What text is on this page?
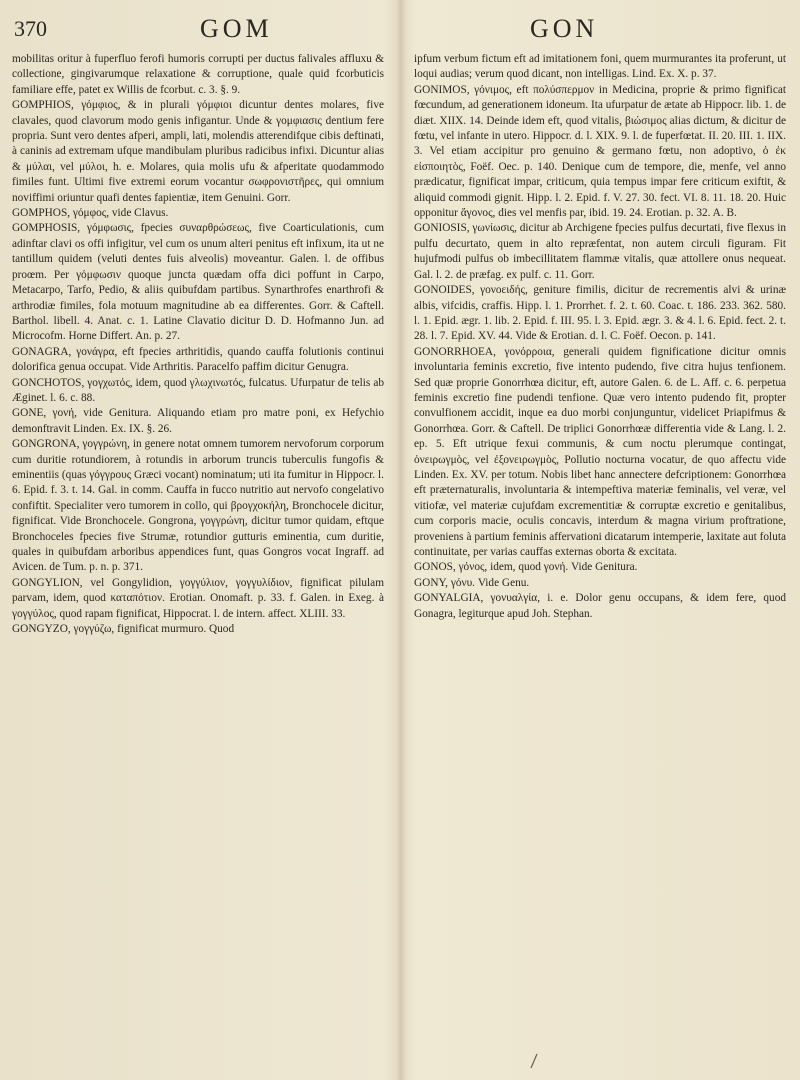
370	GOM	GON

mobilitas oritur à fuperfluo ferofi humoris corrupti per ductus falivales affluxu & collectione, gingivarumque relaxatione & corruptione, quale quid fcorbuticis familiare effe, patet ex Willis de fcorbut. c. 3. §. 9.

GOMPHIOS, γόμφιος, & in plurali γόμφιοι dicuntur dentes molares, five clavales, quod clavorum modo genis infigantur. Unde & γομφιασις dentium fere propria. Sunt vero dentes afperi, ampli, lati, molendis atterendifque cibis deftinati, à caninis ad extremam ufque mandibulam pluribus radicibus infixi. Dicuntur alias & μύλαι, vel μύλοι, h. e. Molares, quia molis ufu & afperitate quodammodo fimiles funt. Ultimi five extremi eorum vocantur σωφρονιστῆρες, qui omnium noviffimi oriuntur quafi dentes fapientiæ, item Genuini. Gorr.

GOMPHOS, γόμφος, vide Clavus.

GOMPHOSIS, γόμφωσις, fpecies συναρθρώσεως, five Coarticulationis, cum adinftar clavi os offi infigitur, vel cum os unum alteri penitus eft infixum, ita ut ne tantillum quidem (veluti dentes fuis alveolis) moveantur. Galen. l. de offibus proœm. Per γόμφωσιν quoque juncta quædam offa dici poffunt in Carpo, Metacarpo, Tarfo, Pedio, & aliis quibufdam partibus. Synarthrofes enarthrofi & arthrodiæ fimiles, fola motuum magnitudine ab ea differentes. Gorr. & Caftell. Barthol. libell. 4. Anat. c. 1. Latine Clavatio dicitur D. D. Hofmanno Jun. ad Microcofm. Horne Differt. An. p. 27.

GONAGRA, γονάγρα, eft fpecies arthritidis, quando cauffa folutionis continui dolorifica genua occupat. Vide Arthritis. Paracelfo paffim dicitur Genugra.

GONCHOTOS, γογχωτός, idem, quod γλωχινωτός, fulcatus. Ufurpatur de telis ab Æginet. l. 6. c. 88.

GONE, γονή, vide Genitura. Aliquando etiam pro matre poni, ex Hefychio demonftravit Linden. Ex. IX. §. 26.

GONGRONA, γογγρώνη, in genere notat omnem tumorem nervoforum corporum cum duritie rotundiorem, à rotundis in arborum truncis tuberculis fungofis & eminentiis (quas γόγγρους Græci vocant) nominatum; uti ita fumitur in Hippocr. l. 6. Epid. f. 3. t. 14. Gal. in comm. Cauffa in fucco nutritio aut nervofo congelativo confiftit. Specialiter vero tumorem in collo, qui βρογχοκήλη, Bronchocele dicitur, fignificat. Vide Bronchocele. Gongrona, γογγρώνη, dicitur tumor quidam, eftque Bronchoceles fpecies five Strumæ, rotundior gutturis eminentia, cum duritie, quales in quibufdam arboribus appendices funt, quas Gongros vocat Ingraff. ad Avicen. de Tum. p. n. p. 371.

GONGYLION, vel Gongylidion, γογγύλιον, γογγυλίδιον, fignificat pilulam parvam, idem, quod καταπότιον. Erotian. Onomaft. p. 33. f. Galen. in Exeg. à γογγύλος, quod rapam fignificat, Hippocrat. l. de intern. affect. XLIII. 33.

GONGYZO, γογγύζω, fignificat murmuro. Quod

ipfum verbum fictum eft ad imitationem foni, quem murmurantes ita proferunt, ut loqui audias; verum quod dicant, non intelligas. Lind. Ex. X. p. 37.

GONIMOS, γόνιμος, eft πολύσπερμον in Medicina, proprie & primo fignificat fœcundum, ad generationem idoneum. Ita ufurpatur de ætate ab Hippocr. lib. 1. de diæt. XIIX. 14. Deinde idem eft, quod vitalis, βιώσιμος alias dictum, & dicitur de fœtu, vel infante in utero. Hippocr. d. l. XIX. 9. l. de fuperfœtat. II. 20. III. 1. IIX. 3. Vel etiam accipitur pro genuino & germano fœtu, non adoptivo, ὁ ἐκ εἰσποιητὸς, Foëf. Oec. p. 140. Denique cum de tempore, die, menfe, vel anno prædicatur, fignificat impar, criticum, quia tempus impar fere criticum exiftit, & aliquid commodi gignit. Hipp. l. 2. Epid. f. V. 27. 30. fect. VI. 8. 11. 18. 20. Huic opponitur ἄγονος, dies vel menfis par, ibid. 19. 24. Erotian. p. 32. A. B.

GONIOSIS, γωνίωσις, dicitur ab Archigene fpecies pulfus decurtati, five flexus in pulfu decurtato, quem in alto repræfentat, non autem circuli figuram. Fit hujufmodi pulfus ob imbecillitatem flammæ vitalis, quæ attollere onus nequeat. Gal. l. 2. de præfag. ex pulf. c. 11. Gorr.

GONOIDES, γονοειδής, geniture fimilis, dicitur de recrementis alvi & urinæ albis, vifcidis, craffis. Hipp. l. 1. Prorrhet. f. 2. t. 60. Coac. t. 186. 233. 362. 580. l. 1. Epid. ægr. 1. lib. 2. Epid. f. III. 95. l. 3. Epid. ægr. 3. & 4. l. 6. Epid. fect. 2. t. 28. l. 7. Epid. XV. 44. Vide & Erotian. d. l. C. Foëf. Oecon. p. 141.

GONORRHOEA, γονόρροια, generali quidem fignificatione dicitur omnis involuntaria feminis excretio, five intento pudendo, five citra hujus tenfionem. Sed quæ proprie Gonorrhœa dicitur, eft, autore Galen. 6. de L. Aff. c. 6. perpetua feminis excretio fine pudendi tenfione. Quæ vero intento pudendo fit, propter convulfionem accidit, inque ea duo morbi conjunguntur, videlicet Priapifmus & Gonorrhœa. Gorr. & Caftell. De triplici Gonorrhœæ differentia vide & Lang. l. 2. ep. 5. Eft utrique fexui communis, & cum noctu plerumque contingat, ὀνειρωγμὸς, vel ἐξονειρωγμὸς, Pollutio nocturna vocatur, de quo affectu vide Linden. Ex. XV. per totum. Nobis libet hanc annectere defcriptionem: Gonorrhœa eft præternaturalis, involuntaria & intempeftiva materiæ feminalis, vel veræ, vel vitiofæ, vel materiæ cujufdam excrementitiæ & corruptæ excretio e genitalibus, cum corporis macie, oculis concavis, interdum & magna virium proftratione, proveniens à partium feminis affervationi dicatarum intemperie, laxitate aut foluta continuitate, per varias cauffas externas oborta & excitata.

GONOS, γόνος, idem, quod γονή. Vide Genitura.

GONY, γόνυ. Vide Genu.

GONYALGIA, γονυαλγία, i. e. Dolor genu occupans, & idem fere, quod Gonagra, legiturque apud Joh. Stephan.
